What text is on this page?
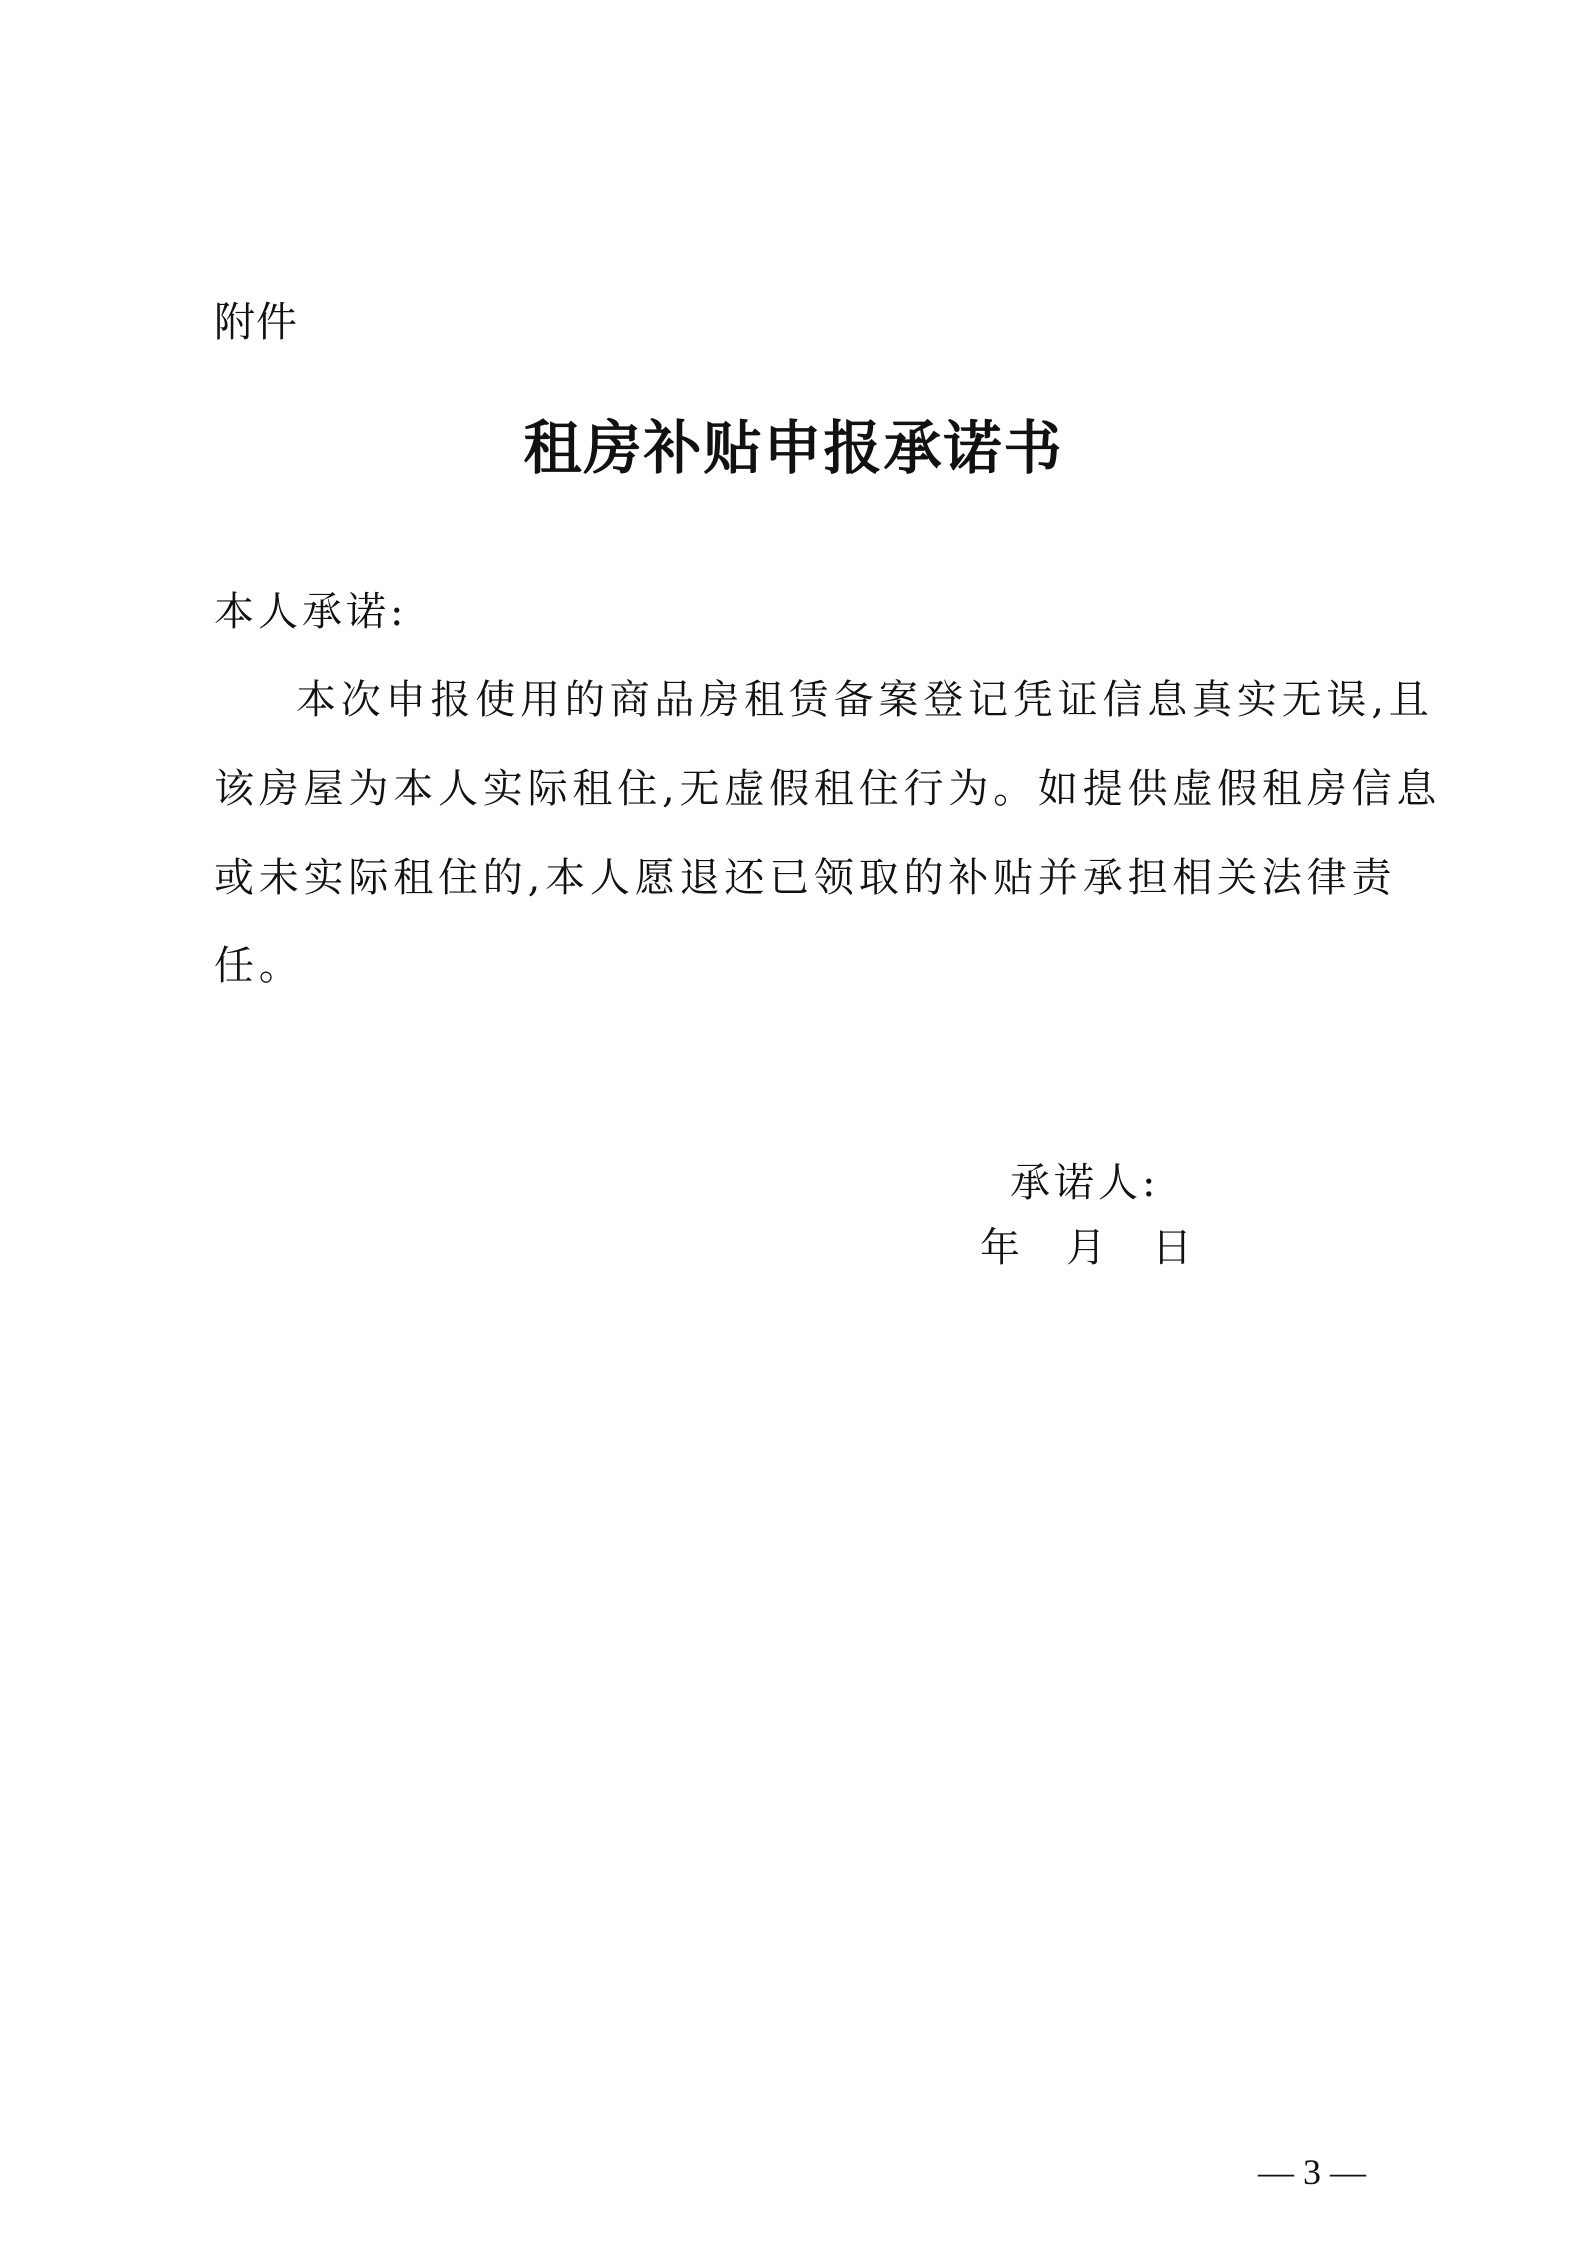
附件
租房补贴申报承诺书
本人承诺:
本次申报使用的商品房租赁备案登记凭证信息真实无误,且
该房屋为本人实际租住,无虚假租住行为。如提供虚假租房信息
或未实际租住的,本人愿退还已领取的补贴并承担相关法律责
任。
承诺人:
年 月 日
— 3 —
